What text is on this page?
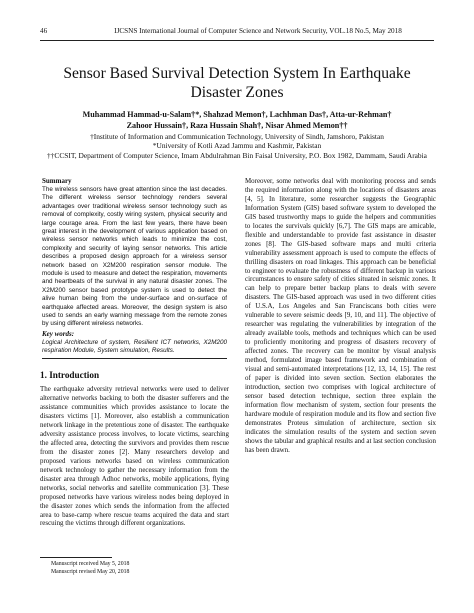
46	IJCSNS International Journal of Computer Science and Network Security, VOL.18 No.5, May 2018
Sensor Based Survival Detection System In Earthquake Disaster Zones
Muhammad Hammad-u-Salam†*, Shahzad Memon†, Lachhman Das†, Atta-ur-Rehman†
Zahoor Hussain†, Raza Hussain Shah†, Nisar Ahmed Memon††
†Institute of Information and Communication Technology, University of Sindh, Jamshoro, Pakistan
*University of Kotli Azad Jammu and Kashmir, Pakistan
††CCSIT, Department of Computer Science, Imam Abdulrahman Bin Faisal University, P.O. Box 1982, Dammam, Saudi Arabia
Summary

The wireless sensors have great attention since the last decades. The different wireless sensor technology renders several advantages over traditional wireless sensor technology such as removal of complexity, costly wiring system, physical security and large courage area. From the last few years, there have been great interest in the development of various application based on wireless sensor networks which leads to minimize the cost, complexity and security of laying sensor networks. This article describes a proposed design approach for a wireless sensor network based on X2M200 respiration sensor module. The module is used to measure and detect the respiration, movements and heartbeats of the survival in any natural disaster zones. The X2M200 sensor based prototype system is used to detect the alive human being from the under-surface and on-surface of earthquake affected areas. Moreover, the design system is also used to sends an early warning message from the remote zones by using different wireless networks.

Key words:

Logical Architecture of system, Resilient ICT networks, X2M200 respiration Module, System simulation, Results.

1. Introduction

The earthquake adversity retrieval networks were used to deliver alternative networks backing to both the disaster sufferers and the assistance communities which provides assistance to locate the disasters victims [1]. Moreover, also establish a communication network linkage in the pretentious zone of disaster. The earthquake adversity assistance process involves, to locate victims, searching the affected area, detecting the survivors and provides them rescue from the disaster zones [2]. Many researchers develop and proposed various networks based on wireless communication network technology to gather the necessary information from the disaster area through Adhoc networks, mobile applications, flying networks, social networks and satellite communication [3]. These proposed networks have various wireless nodes being deployed in the disaster zones which sends the information from the affected area to base-camp where rescue teams acquired the data and start rescuing the victims through different organizations.

Moreover, some networks deal with monitoring process and sends the required information along with the locations of disasters areas [4, 5]. In literature, some researcher suggests the Geographic Information System (GIS) based software system to developed the GIS based trustworthy maps to guide the helpers and communities to locates the survivals quickly [6,7]. The GIS maps are amicable, flexible and understandable to provide fast assistance in disaster zones [8]. The GIS-based software maps and multi criteria vulnerability assessment approach is used to compute the effects of thrilling disasters on road linkages. This approach can be beneficial to engineer to evaluate the robustness of different backup in various circumstances to ensure safety of cities situated in seismic zones. It can help to prepare better backup plans to deals with severe disasters. The GIS-based approach was used in two different cities of U.S.A, Los Angeles and San Franciscans both cities were vulnerable to severe seismic deeds [9, 10, and 11]. The objective of researcher was regulating the vulnerabilities by integration of the already available tools, methods and techniques which can be used to proficiently monitoring and progress of disasters recovery of affected zones. The recovery can be monitor by visual analysis method, formulated image based framework and combination of visual and semi-automated interpretations [12, 13, 14, 15]. The rest of paper is divided into seven section. Section elaborates the introduction, section two comprises with logical architecture of sensor based detection technique, section three explain the information flow mechanism of system, section four presents the hardware module of respiration module and its flow and section five demonstrates Proteus simulation of architecture, section six indicates the simulation results of the system and section seven shows the tabular and graphical results and at last section conclusion has been drawn.

Manuscript received May 5, 2018
Manuscript revised May 20, 2018
